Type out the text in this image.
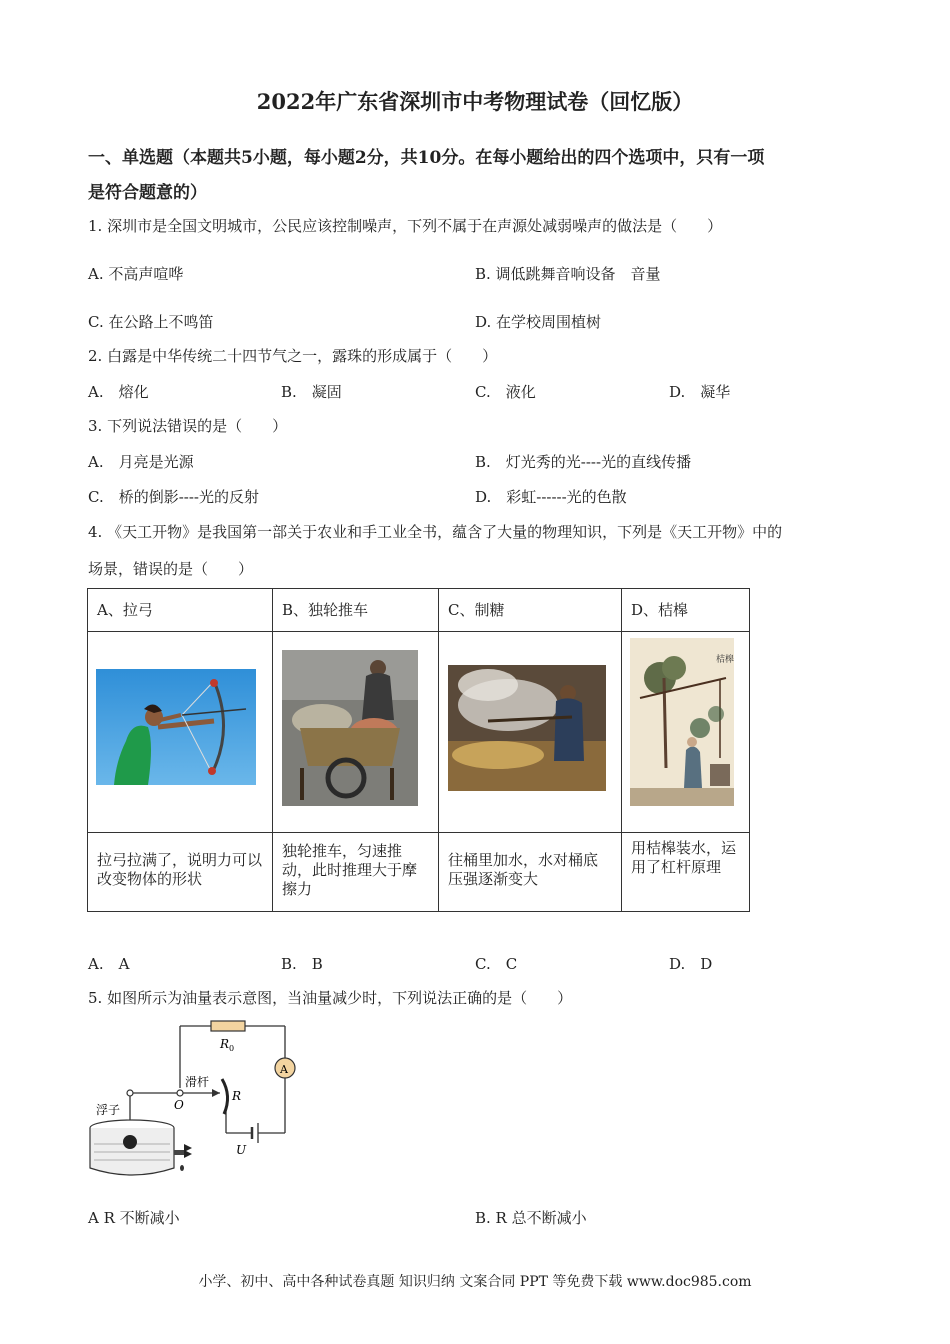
2022年广东省深圳市中考物理试卷（回忆版）
一、单选题（本题共5小题，每小题2分，共10分。在每小题给出的四个选项中，只有一项
是符合题意的）
1. 深圳市是全国文明城市，公民应该控制噪声，下列不属于在声源处减弱噪声的做法是（　　）
A. 不高声喧哗	B. 调低跳舞音响设备　音量
C. 在公路上不鸣笛	D. 在学校周围植树
2. 白露是中华传统二十四节气之一，露珠的形成属于（　　）
A.　熔化	B.　凝固	C.　液化	D.　凝华
3. 下列说法错误的是（　　）
A.　月亮是光源	B.　灯光秀的光----光的直线传播
C.　桥的倒影----光的反射	D.　彩虹------光的色散
4. 《天工开物》是我国第一部关于农业和手工业全书，蕴含了大量的物理知识，下列是《天工开物》中的
场景，错误的是（　　）
A、拉弓	B、独轮推车	C、制糖	D、桔槔

桔槔

拉弓拉满了，说明力可以改变物体的形状	独轮推车，匀速推动，此时推理大于摩擦力	往桶里加水，水对桶底压强逐渐变大	用桔槔装水，运用了杠杆原理
A.　A	B.　B	C.　C	D.　D
5. 如图所示为油量表示意图，当油量减少时，下列说法正确的是（　　）
R 0
A
U
R
滑杆
O
浮子
A R 不断减小	B. R 总不断减小
小学、初中、高中各种试卷真题 知识归纳 文案合同 PPT 等免费下载 www.doc985.com
